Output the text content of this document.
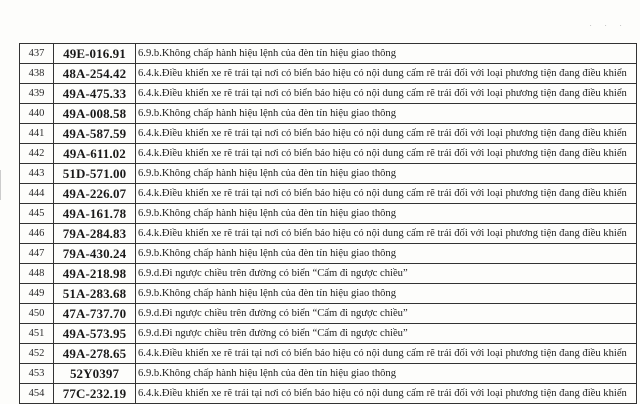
. . .
437	49E-016.91	6.9.b.Không chấp hành hiệu lệnh của đèn tín hiệu giao thông
438	48A-254.42	6.4.k.Điều khiển xe rẽ trái tại nơi có biển báo hiệu có nội dung cấm rẽ trái đối với loại phương tiện đang điều khiển
439	49A-475.33	6.4.k.Điều khiển xe rẽ trái tại nơi có biển báo hiệu có nội dung cấm rẽ trái đối với loại phương tiện đang điều khiển
440	49A-008.58	6.9.b.Không chấp hành hiệu lệnh của đèn tín hiệu giao thông
441	49A-587.59	6.4.k.Điều khiển xe rẽ trái tại nơi có biển báo hiệu có nội dung cấm rẽ trái đối với loại phương tiện đang điều khiển
442	49A-611.02	6.4.k.Điều khiển xe rẽ trái tại nơi có biển báo hiệu có nội dung cấm rẽ trái đối với loại phương tiện đang điều khiển
443	51D-571.00	6.9.b.Không chấp hành hiệu lệnh của đèn tín hiệu giao thông
444	49A-226.07	6.4.k.Điều khiển xe rẽ trái tại nơi có biển báo hiệu có nội dung cấm rẽ trái đối với loại phương tiện đang điều khiển
445	49A-161.78	6.9.b.Không chấp hành hiệu lệnh của đèn tín hiệu giao thông
446	79A-284.83	6.4.k.Điều khiển xe rẽ trái tại nơi có biển báo hiệu có nội dung cấm rẽ trái đối với loại phương tiện đang điều khiển
447	79A-430.24	6.9.b.Không chấp hành hiệu lệnh của đèn tín hiệu giao thông
448	49A-218.98	6.9.d.Đi ngược chiều trên đường có biển “Cấm đi ngược chiều”
449	51A-283.68	6.9.b.Không chấp hành hiệu lệnh của đèn tín hiệu giao thông
450	47A-737.70	6.9.d.Đi ngược chiều trên đường có biển “Cấm đi ngược chiều”
451	49A-573.95	6.9.d.Đi ngược chiều trên đường có biển “Cấm đi ngược chiều”
452	49A-278.65	6.4.k.Điều khiển xe rẽ trái tại nơi có biển báo hiệu có nội dung cấm rẽ trái đối với loại phương tiện đang điều khiển
453	52Y0397	6.9.b.Không chấp hành hiệu lệnh của đèn tín hiệu giao thông
454	77C-232.19	6.4.k.Điều khiển xe rẽ trái tại nơi có biển báo hiệu có nội dung cấm rẽ trái đối với loại phương tiện đang điều khiển
